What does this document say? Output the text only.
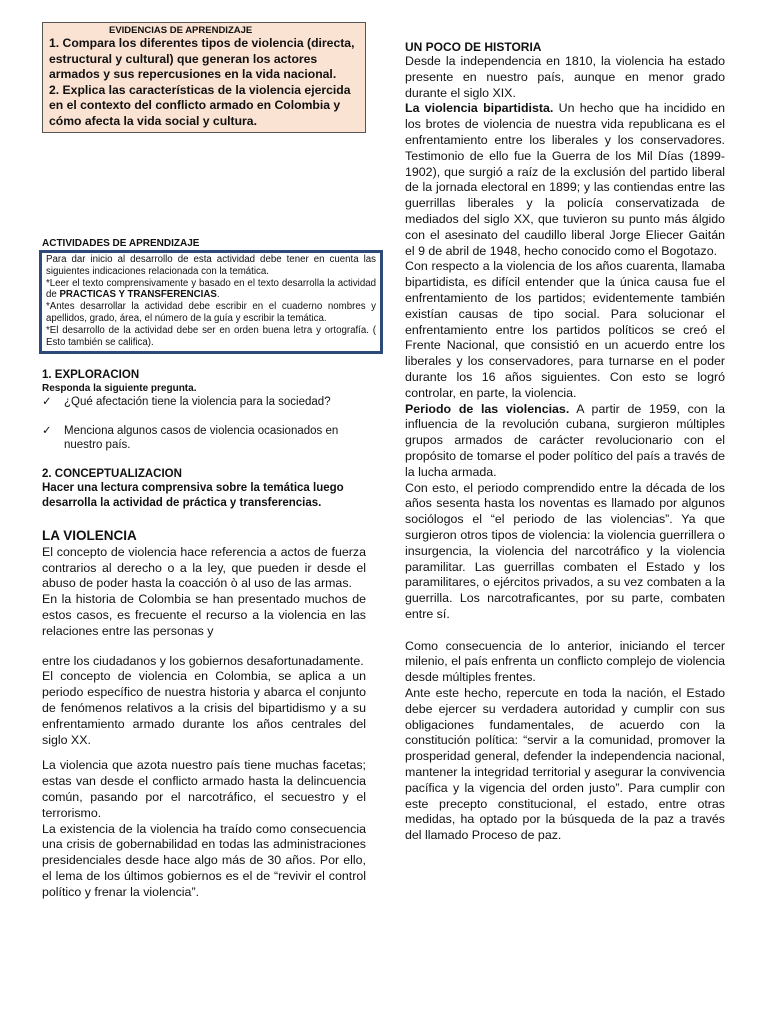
EVIDENCIAS DE APRENDIZAJE

1. Compara los diferentes tipos de violencia (directa, estructural y cultural) que generan los actores armados y sus repercusiones en la vida nacional.

2. Explica las características de la violencia ejercida en el contexto del conflicto armado en Colombia y cómo afecta la vida social y cultura.

ACTIVIDADES DE APRENDIZAJE

Para dar inicio al desarrollo de esta actividad debe tener en cuenta las siguientes indicaciones relacionada con la temática.

*Leer el texto comprensivamente y basado en el texto desarrolla la actividad de PRACTICAS Y TRANSFERENCIAS.

*Antes desarrollar la actividad debe escribir en el cuaderno nombres y apellidos, grado, área, el número de la guía y escribir la temática.

*El desarrollo de la actividad debe ser en orden buena letra y ortografía. ( Esto también se califica).

1. EXPLORACION
Responda la siguiente pregunta.
✓	¿Qué afectación tiene la violencia para la sociedad?
✓	Menciona algunos casos de violencia ocasionados en nuestro país.
2. CONCEPTUALIZACION

Hacer una lectura comprensiva sobre la temática luego desarrolla la actividad de práctica y transferencias.

LA VIOLENCIA

El concepto de violencia hace referencia a actos de fuerza contrarios al derecho o a la ley, que pueden ir desde el abuso de poder hasta la coacción ò al uso de las armas.

En la historia de Colombia se han presentado muchos de estos casos, es frecuente el recurso a la violencia en las relaciones entre las personas y

entre los ciudadanos y los gobiernos desafortunadamente.

El concepto de violencia en Colombia, se aplica a un periodo específico de nuestra historia y abarca el conjunto de fenómenos relativos a la crisis del bipartidismo y a su enfrentamiento armado durante los años centrales del siglo XX.

La violencia que azota nuestro país tiene muchas facetas; estas van desde el conflicto armado hasta la delincuencia común, pasando por el narcotráfico, el secuestro y el terrorismo.

La existencia de la violencia ha traído como consecuencia una crisis de gobernabilidad en todas las administraciones presidenciales desde hace algo más de 30 años. Por ello, el lema de los últimos gobiernos es el de “revivir el control político y frenar la violencia”.

UN POCO DE HISTORIA

Desde la independencia en 1810, la violencia ha estado presente en nuestro país, aunque en menor grado durante el siglo XIX.

La violencia bipartidista. Un hecho que ha incidido en los brotes de violencia de nuestra vida republicana es el enfrentamiento entre los liberales y los conservadores. Testimonio de ello fue la Guerra de los Mil Días (1899-1902), que surgió a raíz de la exclusión del partido liberal de la jornada electoral en 1899; y las contiendas entre las guerrillas liberales y la policía conservatizada de mediados del siglo XX, que tuvieron su punto más álgido con el asesinato del caudillo liberal Jorge Eliecer Gaitán el 9 de abril de 1948, hecho conocido como el Bogotazo.

Con respecto a la violencia de los años cuarenta, llamaba bipartidista, es difícil entender que la única causa fue el enfrentamiento de los partidos; evidentemente también existían causas de tipo social. Para solucionar el enfrentamiento entre los partidos políticos se creó el Frente Nacional, que consistió en un acuerdo entre los liberales y los conservadores, para turnarse en el poder durante los 16 años siguientes. Con esto se logró controlar, en parte, la violencia.

Periodo de las violencias. A partir de 1959, con la influencia de la revolución cubana, surgieron múltiples grupos armados de carácter revolucionario con el propósito de tomarse el poder político del país a través de la lucha armada.

Con esto, el periodo comprendido entre la década de los años sesenta hasta los noventas es llamado por algunos sociólogos el “el periodo de las violencias”. Ya que surgieron otros tipos de violencia: la violencia guerrillera o insurgencia, la violencia del narcotráfico y la violencia paramilitar. Las guerrillas combaten el Estado y los paramilitares, o ejércitos privados, a su vez combaten a la guerrilla. Los narcotraficantes, por su parte, combaten entre sí.

Como consecuencia de lo anterior, iniciando el tercer milenio, el país enfrenta un conflicto complejo de violencia desde múltiples frentes.

Ante este hecho, repercute en toda la nación, el Estado debe ejercer su verdadera autoridad y cumplir con sus obligaciones fundamentales, de acuerdo con la constitución política: “servir a la comunidad, promover la prosperidad general, defender la independencia nacional, mantener la integridad territorial y asegurar la convivencia pacífica y la vigencia del orden justo”. Para cumplir con este precepto constitucional, el estado, entre otras medidas, ha optado por la búsqueda de la paz a través del llamado Proceso de paz.
